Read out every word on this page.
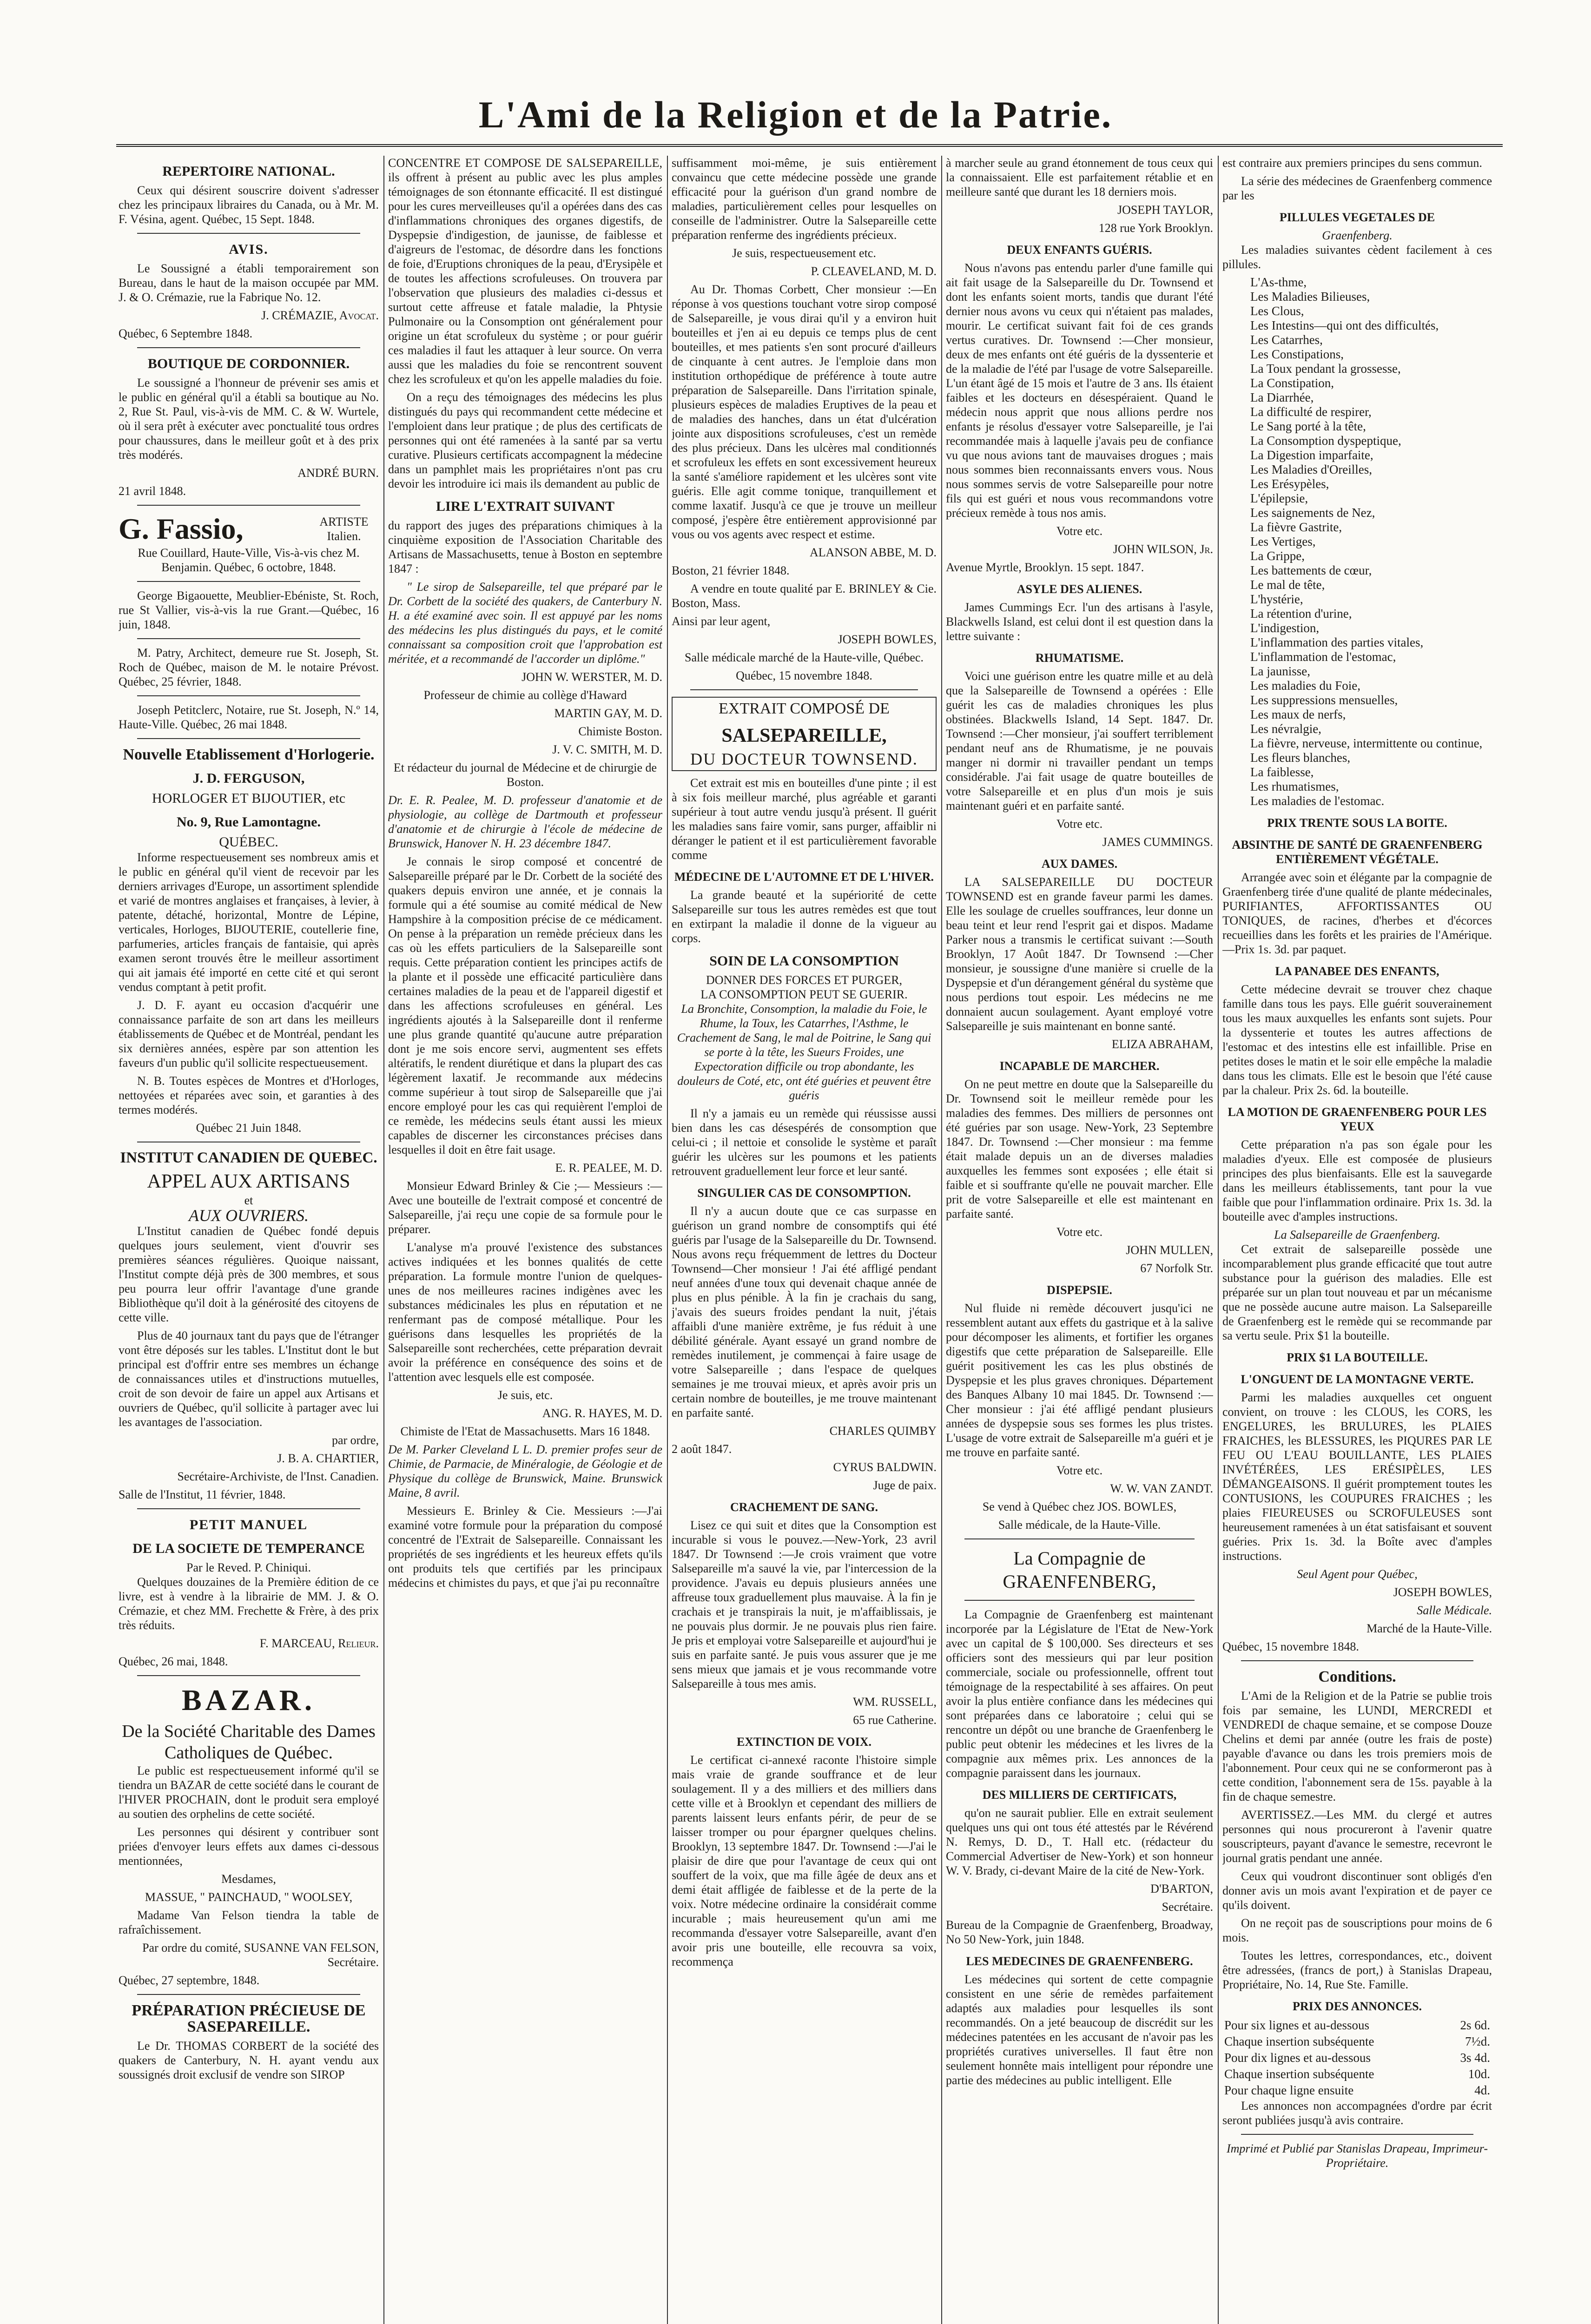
L'Ami de la Religion et de la Patrie.
REPERTOIRE NATIONAL.

Ceux qui désirent souscrire doivent s'adresser chez les principaux libraires du Canada, ou à Mr. M. F. Vésina, agent. Québec, 15 Sept. 1848.

AVIS.

Le Soussigné a établi temporairement son Bureau, dans le haut de la maison occupée par MM. J. & O. Crémazie, rue la Fabrique No. 12.

J. CRÉMAZIE, Avocat.

Québec, 6 Septembre 1848.

BOUTIQUE DE CORDONNIER.

Le soussigné a l'honneur de prévenir ses amis et le public en général qu'il a établi sa boutique au No. 2, Rue St. Paul, vis-à-vis de MM. C. & W. Wurtele, où il sera prêt à exécuter avec ponctualité tous ordres pour chaussures, dans le meilleur goût et à des prix très modérés.

ANDRÉ BURN.

21 avril 1848.

G. Fassio,	ARTISTE Italien.

Rue Couillard, Haute-Ville, Vis-à-vis chez M. Benjamin. Québec, 6 octobre, 1848.

George Bigaouette, Meublier-Ebéniste, St. Roch, rue St Vallier, vis-à-vis la rue Grant.—Québec, 16 juin, 1848.

M. Patry, Architect, demeure rue St. Joseph, St. Roch de Québec, maison de M. le notaire Prévost. Québec, 25 février, 1848.

Joseph Petitclerc, Notaire, rue St. Joseph, N.º 14, Haute-Ville. Québec, 26 mai 1848.

Nouvelle Etablissement d'Horlogerie.
J. D. FERGUSON,
HORLOGER ET BIJOUTIER, etc
No. 9, Rue Lamontagne.
QUÉBEC.

Informe respectueusement ses nombreux amis et le public en général qu'il vient de recevoir par les derniers arrivages d'Europe, un assortiment splendide et varié de montres anglaises et françaises, à levier, à patente, détaché, horizontal, Montre de Lépine, verticales, Horloges, BIJOUTERIE, coutellerie fine, parfumeries, articles français de fantaisie, qui après examen seront trouvés être le meilleur assortiment qui ait jamais été importé en cette cité et qui seront vendus comptant à petit profit.

J. D. F. ayant eu occasion d'acquérir une connaissance parfaite de son art dans les meilleurs établissements de Québec et de Montréal, pendant les six dernières années, espère par son attention les faveurs d'un public qu'il sollicite respectueusement.

N. B. Toutes espèces de Montres et d'Horloges, nettoyées et réparées avec soin, et garanties à des termes modérés.

Québec 21 Juin 1848.

INSTITUT CANADIEN DE QUEBEC.
APPEL AUX ARTISANS
et
AUX OUVRIERS.

L'Institut canadien de Québec fondé depuis quelques jours seulement, vient d'ouvrir ses premières séances régulières. Quoique naissant, l'Institut compte déjà près de 300 membres, et sous peu pourra leur offrir l'avantage d'une grande Bibliothèque qu'il doit à la générosité des citoyens de cette ville.

Plus de 40 journaux tant du pays que de l'étranger vont être déposés sur les tables. L'Institut dont le but principal est d'offrir entre ses membres un échange de connaissances utiles et d'instructions mutuelles, croit de son devoir de faire un appel aux Artisans et ouvriers de Québec, qu'il sollicite à partager avec lui les avantages de l'association.

par ordre,

J. B. A. CHARTIER,

Secrétaire-Archiviste, de l'Inst. Canadien.

Salle de l'Institut, 11 février, 1848.

PETIT MANUEL
DE LA SOCIETE DE TEMPERANCE
Par le Reved. P. Chiniqui.

Quelques douzaines de la Première édition de ce livre, est à vendre à la librairie de MM. J. & O. Crémazie, et chez MM. Frechette & Frère, à des prix très réduits.

F. MARCEAU, Relieur.

Québec, 26 mai, 1848.

BAZAR.
De la Société Charitable des Dames Catholiques de Québec.

Le public est respectueusement informé qu'il se tiendra un BAZAR de cette société dans le courant de l'HIVER PROCHAIN, dont le produit sera employé au soutien des orphelins de cette société.

Les personnes qui désirent y contribuer sont priées d'envoyer leurs effets aux dames ci-dessous mentionnées,

Mesdames,

MASSUE, " PAINCHAUD, " WOOLSEY,

Madame Van Felson tiendra la table de rafraîchissement.

Par ordre du comité, SUSANNE VAN FELSON, Secrétaire.

Québec, 27 septembre, 1848.

PRÉPARATION PRÉCIEUSE DE SASEPAREILLE.

Le Dr. THOMAS CORBERT de la société des quakers de Canterbury, N. H. ayant vendu aux soussignés droit exclusif de vendre son SIROP

CONCENTRE ET COMPOSE DE SALSEPAREILLE, ils offrent à présent au public avec les plus amples témoignages de son étonnante efficacité. Il est distingué pour les cures merveilleuses qu'il a opérées dans des cas d'inflammations chroniques des organes digestifs, de Dyspepsie d'indigestion, de jaunisse, de faiblesse et d'aigreurs de l'estomac, de désordre dans les fonctions de foie, d'Eruptions chroniques de la peau, d'Erysipèle et de toutes les affections scrofuleuses. On trouvera par l'observation que plusieurs des maladies ci-dessus et surtout cette affreuse et fatale maladie, la Phtysie Pulmonaire ou la Consomption ont généralement pour origine un état scrofuleux du système ; or pour guérir ces maladies il faut les attaquer à leur source. On verra aussi que les maladies du foie se rencontrent souvent chez les scrofuleux et qu'on les appelle maladies du foie.

On a reçu des témoignages des médecins les plus distingués du pays qui recommandent cette médecine et l'emploient dans leur pratique ; de plus des certificats de personnes qui ont été ramenées à la santé par sa vertu curative. Plusieurs certificats accompagnent la médecine dans un pamphlet mais les propriétaires n'ont pas cru devoir les introduire ici mais ils demandent au public de

LIRE L'EXTRAIT SUIVANT

du rapport des juges des préparations chimiques à la cinquième exposition de l'Association Charitable des Artisans de Massachusetts, tenue à Boston en septembre 1847 :

" Le sirop de Salsepareille, tel que préparé par le Dr. Corbett de la société des quakers, de Canterbury N. H. a été examiné avec soin. Il est appuyé par les noms des médecins les plus distingués du pays, et le comité connaissant sa composition croit que l'approbation est méritée, et a recommandé de l'accorder un diplôme."

JOHN W. WERSTER, M. D.

Professeur de chimie au collège d'Haward

MARTIN GAY, M. D.

Chimiste Boston.

J. V. C. SMITH, M. D.

Et rédacteur du journal de Médecine et de chirurgie de Boston.

Dr. E. R. Pealee, M. D. professeur d'anatomie et de physiologie, au collège de Dartmouth et professeur d'anatomie et de chirurgie à l'école de médecine de Brunswick, Hanover N. H. 23 décembre 1847.

Je connais le sirop composé et concentré de Salsepareille préparé par le Dr. Corbett de la société des quakers depuis environ une année, et je connais la formule qui a été soumise au comité médical de New Hampshire à la composition précise de ce médicament. On pense à la préparation un remède précieux dans les cas où les effets particuliers de la Salsepareille sont requis. Cette préparation contient les principes actifs de la plante et il possède une efficacité particulière dans certaines maladies de la peau et de l'appareil digestif et dans les affections scrofuleuses en général. Les ingrédients ajoutés à la Salsepareille dont il renferme une plus grande quantité qu'aucune autre préparation dont je me sois encore servi, augmentent ses effets altératifs, le rendent diurétique et dans la plupart des cas légèrement laxatif. Je recommande aux médecins comme supérieur à tout sirop de Salsepareille que j'ai encore employé pour les cas qui requièrent l'emploi de ce remède, les médecins seuls étant aussi les mieux capables de discerner les circonstances précises dans lesquelles il doit en être fait usage.

E. R. PEALEE, M. D.

Monsieur Edward Brinley & Cie ;— Messieurs :—Avec une bouteille de l'extrait composé et concentré de Salsepareille, j'ai reçu une copie de sa formule pour le préparer.

L'analyse m'a prouvé l'existence des substances actives indiquées et les bonnes qualités de cette préparation. La formule montre l'union de quelques-unes de nos meilleures racines indigènes avec les substances médicinales les plus en réputation et ne renfermant pas de composé métallique. Pour les guérisons dans lesquelles les propriétés de la Salsepareille sont recherchées, cette préparation devrait avoir la préférence en conséquence des soins et de l'attention avec lesquels elle est composée.

Je suis, etc.

ANG. R. HAYES, M. D.

Chimiste de l'Etat de Massachusetts. Mars 16 1848.

De M. Parker Cleveland L L. D. premier profes seur de Chimie, de Parmacie, de Minéralogie, de Géologie et de Physique du collège de Brunswick, Maine. Brunswick Maine, 8 avril.

Messieurs E. Brinley & Cie. Messieurs :—J'ai examiné votre formule pour la préparation du composé concentré de l'Extrait de Salsepareille. Connaissant les propriétés de ses ingrédients et les heureux effets qu'ils ont produits tels que certifiés par les principaux médecins et chimistes du pays, et que j'ai pu reconnaître

suffisamment moi-même, je suis entièrement convaincu que cette médecine possède une grande efficacité pour la guérison d'un grand nombre de maladies, particulièrement celles pour lesquelles on conseille de l'administrer. Outre la Salsepareille cette préparation renferme des ingrédients précieux.

Je suis, respectueusement etc.

P. CLEAVELAND, M. D.

Au Dr. Thomas Corbett, Cher monsieur :—En réponse à vos questions touchant votre sirop composé de Salsepareille, je vous dirai qu'il y a environ huit bouteilles et j'en ai eu depuis ce temps plus de cent bouteilles, et mes patients s'en sont procuré d'ailleurs de cinquante à cent autres. Je l'emploie dans mon institution orthopédique de préférence à toute autre préparation de Salsepareille. Dans l'irritation spinale, plusieurs espèces de maladies Eruptives de la peau et de maladies des hanches, dans un état d'ulcération jointe aux dispositions scrofuleuses, c'est un remède des plus précieux. Dans les ulcères mal conditionnés et scrofuleux les effets en sont excessivement heureux la santé s'améliore rapidement et les ulcères sont vite guéris. Elle agit comme tonique, tranquillement et comme laxatif. Jusqu'à ce que je trouve un meilleur composé, j'espère être entièrement approvisionné par vous ou vos agents avec respect et estime.

ALANSON ABBE, M. D.

Boston, 21 février 1848.

A vendre en toute qualité par E. BRINLEY & Cie. Boston, Mass.

Ainsi par leur agent,

JOSEPH BOWLES,

Salle médicale marché de la Haute-ville, Québec.

Québec, 15 novembre 1848.

EXTRAIT COMPOSÉ DE
SALSEPAREILLE,
DU DOCTEUR TOWNSEND.

Cet extrait est mis en bouteilles d'une pinte ; il est à six fois meilleur marché, plus agréable et garanti supérieur à tout autre vendu jusqu'à présent. Il guérit les maladies sans faire vomir, sans purger, affaiblir ni déranger le patient et il est particulièrement favorable comme

MÉDECINE DE L'AUTOMNE ET DE L'HIVER.

La grande beauté et la supériorité de cette Salsepareille sur tous les autres remèdes est que tout en extirpant la maladie il donne de la vigueur au corps.

SOIN DE LA CONSOMPTION
DONNER DES FORCES ET PURGER,
LA CONSOMPTION PEUT SE GUERIR.

La Bronchite, Consomption, la maladie du Foie, le Rhume, la Toux, les Catarrhes, l'Asthme, le Crachement de Sang, le mal de Poitrine, le Sang qui se porte à la tête, les Sueurs Froides, une Expectoration difficile ou trop abondante, les douleurs de Coté, etc, ont été guéries et peuvent être guéris

Il n'y a jamais eu un remède qui réussisse aussi bien dans les cas désespérés de consomption que celui-ci ; il nettoie et consolide le système et paraît guérir les ulcères sur les poumons et les patients retrouvent graduellement leur force et leur santé.

SINGULIER CAS DE CONSOMPTION.

Il n'y a aucun doute que ce cas surpasse en guérison un grand nombre de consomptifs qui été guéris par l'usage de la Salsepareille du Dr. Townsend. Nous avons reçu fréquemment de lettres du Docteur Townsend—Cher monsieur ! J'ai été affligé pendant neuf années d'une toux qui devenait chaque année de plus en plus pénible. À la fin je crachais du sang, j'avais des sueurs froides pendant la nuit, j'étais affaibli d'une manière extrême, je fus réduit à une débilité générale. Ayant essayé un grand nombre de remèdes inutilement, je commençai à faire usage de votre Salsepareille ; dans l'espace de quelques semaines je me trouvai mieux, et après avoir pris un certain nombre de bouteilles, je me trouve maintenant en parfaite santé.

CHARLES QUIMBY

2 août 1847.

CYRUS BALDWIN.

Juge de paix.

CRACHEMENT DE SANG.

Lisez ce qui suit et dites que la Consomption est incurable si vous le pouvez.—New-York, 23 avril 1847. Dr Townsend :—Je crois vraiment que votre Salsepareille m'a sauvé la vie, par l'intercession de la providence. J'avais eu depuis plusieurs années une affreuse toux graduellement plus mauvaise. À la fin je crachais et je transpirais la nuit, je m'affaiblissais, je ne pouvais plus dormir. Je ne pouvais plus rien faire. Je pris et employai votre Salsepareille et aujourd'hui je suis en parfaite santé. Je puis vous assurer que je me sens mieux que jamais et je vous recommande votre Salsepareille à tous mes amis.

WM. RUSSELL,

65 rue Catherine.

EXTINCTION DE VOIX.

Le certificat ci-annexé raconte l'histoire simple mais vraie de grande souffrance et de leur soulagement. Il y a des milliers et des milliers dans cette ville et à Brooklyn et cependant des milliers de parents laissent leurs enfants périr, de peur de se laisser tromper ou pour épargner quelques chelins. Brooklyn, 13 septembre 1847. Dr. Townsend :—J'ai le plaisir de dire que pour l'avantage de ceux qui ont souffert de la voix, que ma fille âgée de deux ans et demi était affligée de faiblesse et de la perte de la voix. Notre médecine ordinaire la considérait comme incurable ; mais heureusement qu'un ami me recommanda d'essayer votre Salsepareille, avant d'en avoir pris une bouteille, elle recouvra sa voix, recommença

à marcher seule au grand étonnement de tous ceux qui la connaissaient. Elle est parfaitement rétablie et en meilleure santé que durant les 18 derniers mois.

JOSEPH TAYLOR,

128 rue York Brooklyn.

DEUX ENFANTS GUÉRIS.

Nous n'avons pas entendu parler d'une famille qui ait fait usage de la Salsepareille du Dr. Townsend et dont les enfants soient morts, tandis que durant l'été dernier nous avons vu ceux qui n'étaient pas malades, mourir. Le certificat suivant fait foi de ces grands vertus curatives. Dr. Townsend :—Cher monsieur, deux de mes enfants ont été guéris de la dyssenterie et de la maladie de l'été par l'usage de votre Salsepareille. L'un étant âgé de 15 mois et l'autre de 3 ans. Ils étaient faibles et les docteurs en désespéraient. Quand le médecin nous apprit que nous allions perdre nos enfants je résolus d'essayer votre Salsepareille, je l'ai recommandée mais à laquelle j'avais peu de confiance vu que nous avions tant de mauvaises drogues ; mais nous sommes bien reconnaissants envers vous. Nous nous sommes servis de votre Salsepareille pour notre fils qui est guéri et nous vous recommandons votre précieux remède à tous nos amis.

Votre etc.

JOHN WILSON, Jr.

Avenue Myrtle, Brooklyn. 15 sept. 1847.

ASYLE DES ALIENES.

James Cummings Ecr. l'un des artisans à l'asyle, Blackwells Island, est celui dont il est question dans la lettre suivante :

RHUMATISME.

Voici une guérison entre les quatre mille et au delà que la Salsepareille de Townsend a opérées : Elle guérit les cas de maladies chroniques les plus obstinées. Blackwells Island, 14 Sept. 1847. Dr. Townsend :—Cher monsieur, j'ai souffert terriblement pendant neuf ans de Rhumatisme, je ne pouvais manger ni dormir ni travailler pendant un temps considérable. J'ai fait usage de quatre bouteilles de votre Salsepareille et en plus d'un mois je suis maintenant guéri et en parfaite santé.

Votre etc.

JAMES CUMMINGS.

AUX DAMES.

LA SALSEPAREILLE DU DOCTEUR TOWNSEND est en grande faveur parmi les dames. Elle les soulage de cruelles souffrances, leur donne un beau teint et leur rend l'esprit gai et dispos. Madame Parker nous a transmis le certificat suivant :—South Brooklyn, 17 Août 1847. Dr Townsend :—Cher monsieur, je soussigne d'une manière si cruelle de la Dyspepsie et d'un dérangement général du système que nous perdions tout espoir. Les médecins ne me donnaient aucun soulagement. Ayant employé votre Salsepareille je suis maintenant en bonne santé.

ELIZA ABRAHAM,

INCAPABLE DE MARCHER.

On ne peut mettre en doute que la Salsepareille du Dr. Townsend soit le meilleur remède pour les maladies des femmes. Des milliers de personnes ont été guéries par son usage. New-York, 23 Septembre 1847. Dr. Townsend :—Cher monsieur : ma femme était malade depuis un an de diverses maladies auxquelles les femmes sont exposées ; elle était si faible et si souffrante qu'elle ne pouvait marcher. Elle prit de votre Salsepareille et elle est maintenant en parfaite santé.

Votre etc.

JOHN MULLEN,

67 Norfolk Str.

DISPEPSIE.

Nul fluide ni remède découvert jusqu'ici ne ressemblent autant aux effets du gastrique et à la salive pour décomposer les aliments, et fortifier les organes digestifs que cette préparation de Salsepareille. Elle guérit positivement les cas les plus obstinés de Dyspepsie et les plus graves chroniques. Département des Banques Albany 10 mai 1845. Dr. Townsend :—Cher monsieur : j'ai été affligé pendant plusieurs années de dyspepsie sous ses formes les plus tristes. L'usage de votre extrait de Salsepareille m'a guéri et je me trouve en parfaite santé.

Votre etc.

W. W. VAN ZANDT.

Se vend à Québec chez JOS. BOWLES,

Salle médicale, de la Haute-Ville.

La Compagnie de GRAENFENBERG,

La Compagnie de Graenfenberg est maintenant incorporée par la Législature de l'Etat de New-York avec un capital de $ 100,000. Ses directeurs et ses officiers sont des messieurs qui par leur position commerciale, sociale ou professionnelle, offrent tout témoignage de la respectabilité à ses affaires. On peut avoir la plus entière confiance dans les médecines qui sont préparées dans ce laboratoire ; celui qui se rencontre un dépôt ou une branche de Graenfenberg le public peut obtenir les médecines et les livres de la compagnie aux mêmes prix. Les annonces de la compagnie paraissent dans les journaux.

DES MILLIERS DE CERTIFICATS,

qu'on ne saurait publier. Elle en extrait seulement quelques uns qui ont tous été attestés par le Révérend N. Remys, D. D., T. Hall etc. (rédacteur du Commercial Advertiser de New-York) et son honneur W. V. Brady, ci-devant Maire de la cité de New-York.

D'BARTON,

Secrétaire.

Bureau de la Compagnie de Graenfenberg, Broadway, No 50 New-York, juin 1848.

LES MEDECINES DE GRAENFENBERG.

Les médecines qui sortent de cette compagnie consistent en une série de remèdes parfaitement adaptés aux maladies pour lesquelles ils sont recommandés. On a jeté beaucoup de discrédit sur les médecines patentées en les accusant de n'avoir pas les propriétés curatives universelles. Il faut être non seulement honnête mais intelligent pour répondre une partie des médecines au public intelligent. Elle

est contraire aux premiers principes du sens commun.

La série des médecines de Graenfenberg commence par les

PILLULES VEGETALES DE
Graenfenberg.

Les maladies suivantes cèdent facilement à ces pillules.

L'As-thme,
Les Maladies Bilieuses,
Les Clous,
Les Intestins—qui ont des difficultés,
Les Catarrhes,
Les Constipations,
La Toux pendant la grossesse,
La Constipation,
La Diarrhée,
La difficulté de respirer,
Le Sang porté à la tête,
La Consomption dyspeptique,
La Digestion imparfaite,
Les Maladies d'Oreilles,
Les Erésypèles,
L'épilepsie,
Les saignements de Nez,
La fièvre Gastrite,
Les Vertiges,
La Grippe,
Les battements de cœur,
Le mal de tête,
L'hystérie,
La rétention d'urine,
L'indigestion,
L'inflammation des parties vitales,
L'inflammation de l'estomac,
La jaunisse,
Les maladies du Foie,
Les suppressions mensuelles,
Les maux de nerfs,
Les névralgie,
La fièvre, nerveuse, intermittente ou continue,
Les fleurs blanches,
La faiblesse,
Les rhumatismes,
Les maladies de l'estomac.
PRIX TRENTE SOUS LA BOITE.
ABSINTHE DE SANTÉ DE GRAENFENBERG ENTIÈREMENT VÉGÉTALE.

Arrangée avec soin et élégante par la compagnie de Graenfenberg tirée d'une qualité de plante médecinales, PURIFIANTES, AFFORTISSANTES OU TONIQUES, de racines, d'herbes et d'écorces recueillies dans les forêts et les prairies de l'Amérique.—Prix 1s. 3d. par paquet.

LA PANABEE DES ENFANTS,

Cette médecine devrait se trouver chez chaque famille dans tous les pays. Elle guérit souverainement tous les maux auxquelles les enfants sont sujets. Pour la dyssenterie et toutes les autres affections de l'estomac et des intestins elle est infaillible. Prise en petites doses le matin et le soir elle empêche la maladie dans tous les climats. Elle est le besoin que l'été cause par la chaleur. Prix 2s. 6d. la bouteille.

LA MOTION DE GRAENFENBERG POUR LES YEUX

Cette préparation n'a pas son égale pour les maladies d'yeux. Elle est composée de plusieurs principes des plus bienfaisants. Elle est la sauvegarde dans les meilleurs établissements, tant pour la vue faible que pour l'inflammation ordinaire. Prix 1s. 3d. la bouteille avec d'amples instructions.

La Salsepareille de Graenfenberg.

Cet extrait de salsepareille possède une incomparablement plus grande efficacité que tout autre substance pour la guérison des maladies. Elle est préparée sur un plan tout nouveau et par un mécanisme que ne possède aucune autre maison. La Salsepareille de Graenfenberg est le remède qui se recommande par sa vertu seule. Prix $1 la bouteille.

PRIX $1 LA BOUTEILLE.
L'ONGUENT DE LA MONTAGNE VERTE.

Parmi les maladies auxquelles cet onguent convient, on trouve : les CLOUS, les CORS, les ENGELURES, les BRULURES, les PLAIES FRAICHES, les BLESSURES, les PIQURES PAR LE FEU OU L'EAU BOUILLANTE, LES PLAIES INVÉTÉRÉES, LES ERÉSIPÈLES, LES DÉMANGEAISONS. Il guérit promptement toutes les CONTUSIONS, les COUPURES FRAICHES ; les plaies FIEUREUSES ou SCROFULEUSES sont heureusement ramenées à un état satisfaisant et souvent guéries. Prix 1s. 3d. la Boîte avec d'amples instructions.

Seul Agent pour Québec,

JOSEPH BOWLES,

Salle Médicale.

Marché de la Haute-Ville.

Québec, 15 novembre 1848.

Conditions.

L'Ami de la Religion et de la Patrie se publie trois fois par semaine, les LUNDI, MERCREDI et VENDREDI de chaque semaine, et se compose Douze Chelins et demi par année (outre les frais de poste) payable d'avance ou dans les trois premiers mois de l'abonnement. Pour ceux qui ne se conformeront pas à cette condition, l'abonnement sera de 15s. payable à la fin de chaque semestre.

AVERTISSEZ.—Les MM. du clergé et autres personnes qui nous procureront à l'avenir quatre souscripteurs, payant d'avance le semestre, recevront le journal gratis pendant une année.

Ceux qui voudront discontinuer sont obligés d'en donner avis un mois avant l'expiration et de payer ce qu'ils doivent.

On ne reçoit pas de souscriptions pour moins de 6 mois.

Toutes les lettres, correspondances, etc., doivent être adressées, (francs de port,) à Stanislas Drapeau, Propriétaire, No. 14, Rue Ste. Famille.

PRIX DES ANNONCES.
Pour six lignes et au-dessous	2s 6d.
Chaque insertion subséquente	7½d.
Pour dix lignes et au-dessous	3s 4d.
Chaque insertion subséquente	10d.
Pour chaque ligne ensuite	4d.

Les annonces non accompagnées d'ordre par écrit seront publiées jusqu'à avis contraire.

Imprimé et Publié par Stanislas Drapeau, Imprimeur-Propriétaire.
